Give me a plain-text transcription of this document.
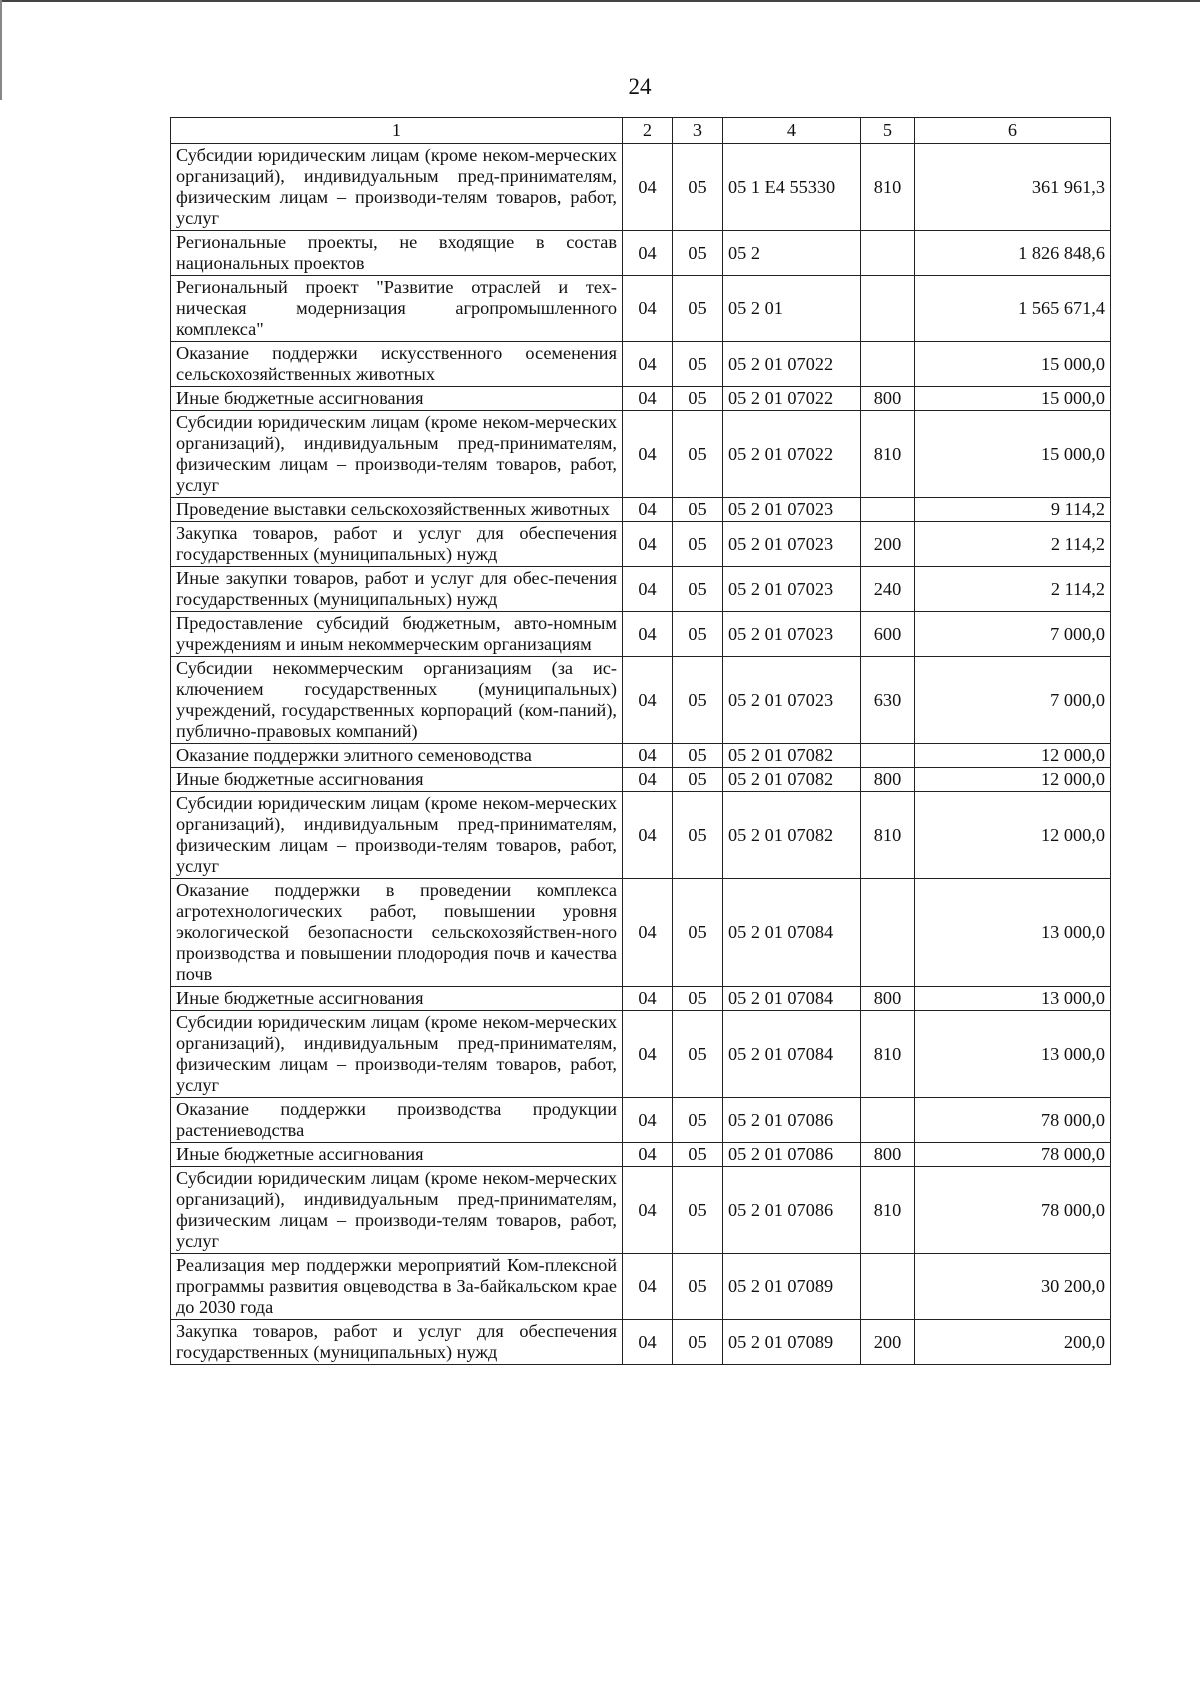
24
1	2	3	4	5	6
Субсидии юридическим лицам (кроме неком-мерческих организаций), индивидуальным пред-принимателям, физическим лицам – производи-телям товаров, работ, услуг	04	05	05 1 E4 55330	810	361 961,3
Региональные проекты, не входящие в состав национальных проектов	04	05	05 2		1 826 848,6
Региональный проект "Развитие отраслей и тех-ническая модернизация агропромышленного комплекса"	04	05	05 2 01		1 565 671,4
Оказание поддержки искусственного осеменения сельскохозяйственных животных	04	05	05 2 01 07022		15 000,0
Иные бюджетные ассигнования	04	05	05 2 01 07022	800	15 000,0
Субсидии юридическим лицам (кроме неком-мерческих организаций), индивидуальным пред-принимателям, физическим лицам – производи-телям товаров, работ, услуг	04	05	05 2 01 07022	810	15 000,0
Проведение выставки сельскохозяйственных животных	04	05	05 2 01 07023		9 114,2
Закупка товаров, работ и услуг для обеспечения государственных (муниципальных) нужд	04	05	05 2 01 07023	200	2 114,2
Иные закупки товаров, работ и услуг для обес-печения государственных (муниципальных) нужд	04	05	05 2 01 07023	240	2 114,2
Предоставление субсидий бюджетным, авто-номным учреждениям и иным некоммерческим организациям	04	05	05 2 01 07023	600	7 000,0
Субсидии некоммерческим организациям (за ис-ключением государственных (муниципальных) учреждений, государственных корпораций (ком-паний), публично-правовых компаний)	04	05	05 2 01 07023	630	7 000,0
Оказание поддержки элитного семеноводства	04	05	05 2 01 07082		12 000,0
Иные бюджетные ассигнования	04	05	05 2 01 07082	800	12 000,0
Субсидии юридическим лицам (кроме неком-мерческих организаций), индивидуальным пред-принимателям, физическим лицам – производи-телям товаров, работ, услуг	04	05	05 2 01 07082	810	12 000,0
Оказание поддержки в проведении комплекса агротехнологических работ, повышении уровня экологической безопасности сельскохозяйствен-ного производства и повышении плодородия почв и качества почв	04	05	05 2 01 07084		13 000,0
Иные бюджетные ассигнования	04	05	05 2 01 07084	800	13 000,0
Субсидии юридическим лицам (кроме неком-мерческих организаций), индивидуальным пред-принимателям, физическим лицам – производи-телям товаров, работ, услуг	04	05	05 2 01 07084	810	13 000,0
Оказание поддержки производства продукции растениеводства	04	05	05 2 01 07086		78 000,0
Иные бюджетные ассигнования	04	05	05 2 01 07086	800	78 000,0
Субсидии юридическим лицам (кроме неком-мерческих организаций), индивидуальным пред-принимателям, физическим лицам – производи-телям товаров, работ, услуг	04	05	05 2 01 07086	810	78 000,0
Реализация мер поддержки мероприятий Ком-плексной программы развития овцеводства в За-байкальском крае до 2030 года	04	05	05 2 01 07089		30 200,0
Закупка товаров, работ и услуг для обеспечения государственных (муниципальных) нужд	04	05	05 2 01 07089	200	200,0
